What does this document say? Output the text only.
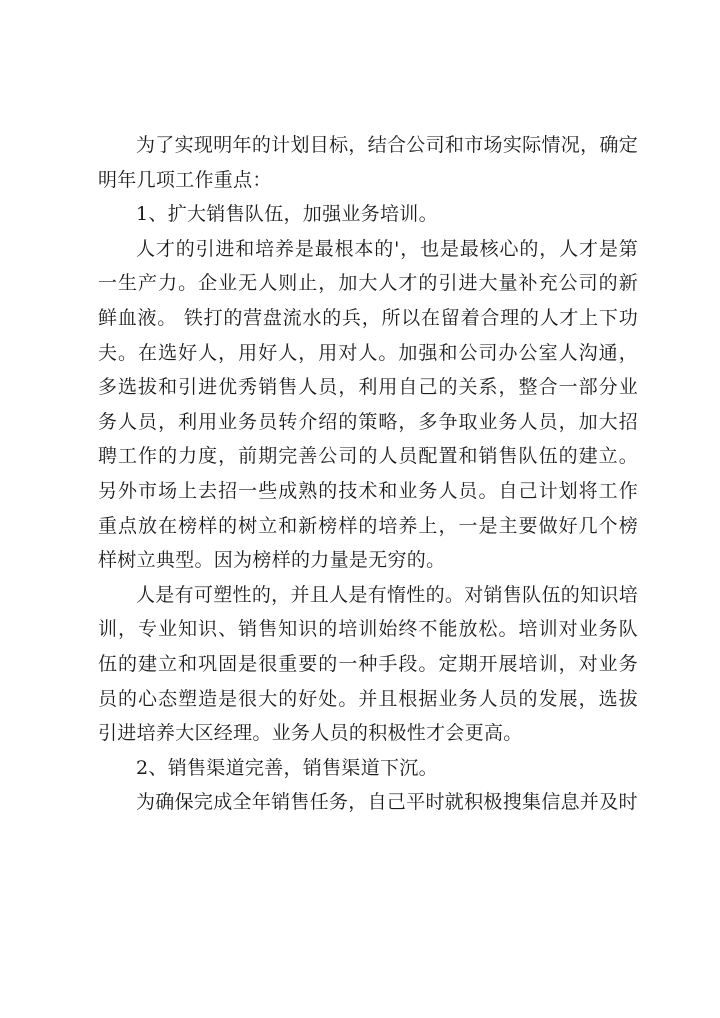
为了实现明年的计划目标，结合公司和市场实际情况，确定明年几项工作重点：

1、扩大销售队伍，加强业务培训。

人才的引进和培养是最根本的'，也是最核心的，人才是第一生产力。企业无人则止，加大人才的引进大量补充公司的新鲜血液。 铁打的营盘流水的兵，所以在留着合理的人才上下功夫。在选好人，用好人，用对人。加强和公司办公室人沟通，多选拔和引进优秀销售人员，利用自己的关系，整合一部分业务人员，利用业务员转介绍的策略，多争取业务人员，加大招聘工作的力度，前期完善公司的人员配置和销售队伍的建立。另外市场上去招一些成熟的技术和业务人员。自己计划将工作重点放在榜样的树立和新榜样的培养上，一是主要做好几个榜样树立典型。因为榜样的力量是无穷的。

人是有可塑性的，并且人是有惰性的。对销售队伍的知识培训，专业知识、销售知识的培训始终不能放松。培训对业务队伍的建立和巩固是很重要的一种手段。定期开展培训，对业务员的心态塑造是很大的好处。并且根据业务人员的发展，选拔引进培养大区经理。业务人员的积极性才会更高。

2、销售渠道完善，销售渠道下沉。

为确保完成全年销售任务，自己平时就积极搜集信息并及时
